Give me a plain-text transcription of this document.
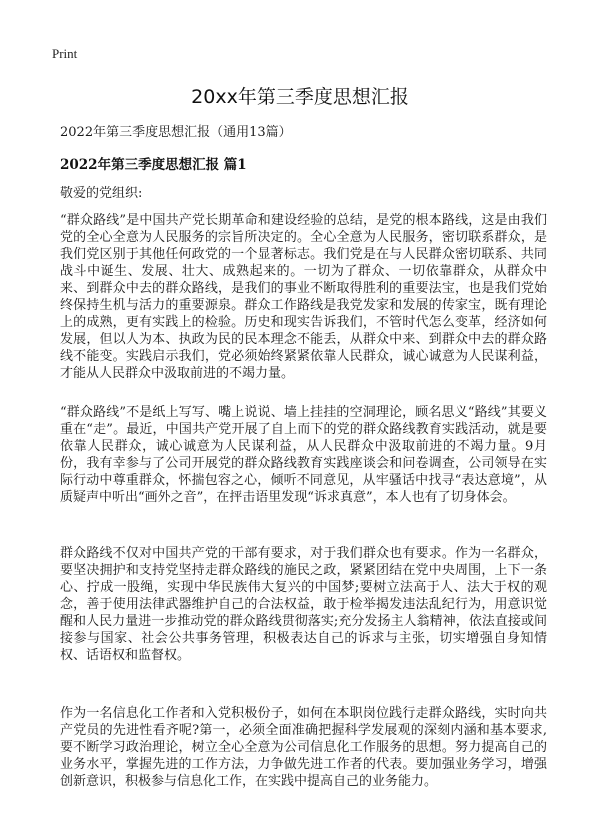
Print
20xx年第三季度思想汇报
2022年第三季度思想汇报（通用13篇）
2022年第三季度思想汇报 篇1
敬爱的党组织:

“群众路线”是中国共产党长期革命和建设经验的总结，是党的根本路线，这是由我们党的全心全意为人民服务的宗旨所决定的。全心全意为人民服务，密切联系群众，是我们党区别于其他任何政党的一个显著标志。我们党是在与人民群众密切联系、共同战斗中诞生、发展、壮大、成熟起来的。一切为了群众、一切依靠群众，从群众中来、到群众中去的群众路线，是我们的事业不断取得胜利的重要法宝，也是我们党始终保持生机与活力的重要源泉。群众工作路线是我党发家和发展的传家宝，既有理论上的成熟，更有实践上的检验。历史和现实告诉我们，不管时代怎么变革，经济如何发展，但以人为本、执政为民的民本理念不能丢，从群众中来、到群众中去的群众路线不能变。实践启示我们，党必须始终紧紧依靠人民群众，诚心诚意为人民谋利益，才能从人民群众中汲取前进的不竭力量。

“群众路线”不是纸上写写、嘴上说说、墙上挂挂的空洞理论，顾名思义“路线”其要义重在“走”。最近，中国共产党开展了自上而下的党的群众路线教育实践活动，就是要依靠人民群众，诚心诚意为人民谋利益，从人民群众中汲取前进的不竭力量。9月份，我有幸参与了公司开展党的群众路线教育实践座谈会和问卷调查，公司领导在实际行动中尊重群众，怀揣包容之心，倾听不同意见，从牢骚话中找寻“表达意境”，从质疑声中听出“画外之音”，在抨击语里发现“诉求真意”，本人也有了切身体会。

群众路线不仅对中国共产党的干部有要求，对于我们群众也有要求。作为一名群众，要坚决拥护和支持党坚持走群众路线的施民之政，紧紧团结在党中央周围，上下一条心、拧成一股绳，实现中华民族伟大复兴的中国梦;要树立法高于人、法大于权的观念，善于使用法律武器维护自己的合法权益，敢于检举揭发违法乱纪行为，用意识觉醒和人民力量进一步推动党的群众路线贯彻落实;充分发扬主人翁精神，依法直接或间接参与国家、社会公共事务管理，积极表达自己的诉求与主张，切实增强自身知情权、话语权和监督权。

作为一名信息化工作者和入党积极份子，如何在本职岗位践行走群众路线，实时向共产党员的先进性看齐呢?第一，必须全面准确把握科学发展观的深刻内涵和基本要求,要不断学习政治理论，树立全心全意为公司信息化工作服务的思想。努力提高自己的业务水平，掌握先进的工作方法，力争做先进工作者的代表。要加强业务学习，增强创新意识，积极参与信息化工作，在实践中提高自己的业务能力。
